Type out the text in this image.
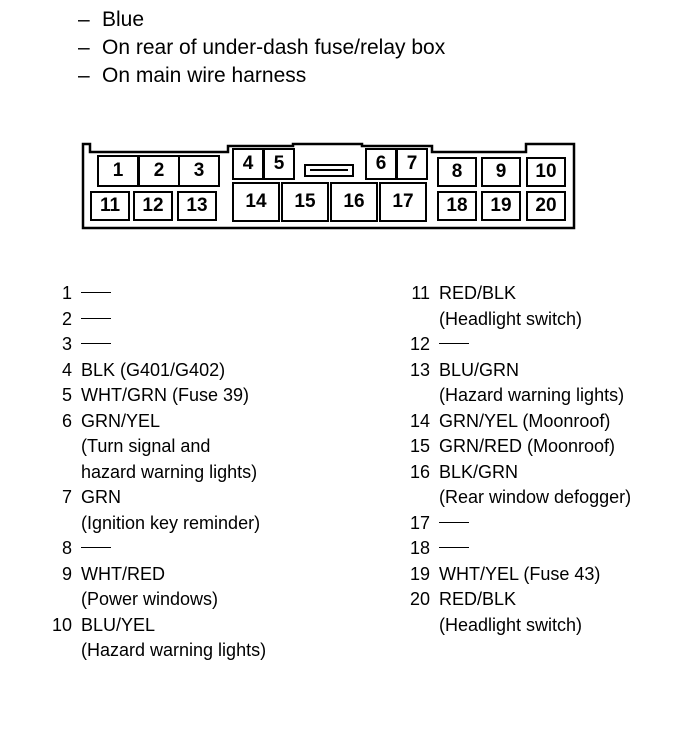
– Blue
– On rear of under-dash fuse/relay box
– On main wire harness
1	2	3	4	5	6	7	8	9	10
11	12	13	14	15	16	17	18	19	20
1
2
3
4 BLK (G401/G402)
5 WHT/GRN (Fuse 39)
6 GRN/YEL
(Turn signal and
hazard warning lights)
7 GRN
(Ignition key reminder)
8
9 WHT/RED
(Power windows)
10 BLU/YEL
(Hazard warning lights)
11 RED/BLK
(Headlight switch)
12
13 BLU/GRN
(Hazard warning lights)
14 GRN/YEL (Moonroof)
15 GRN/RED (Moonroof)
16 BLK/GRN
(Rear window defogger)
17
18
19 WHT/YEL (Fuse 43)
20 RED/BLK
(Headlight switch)
